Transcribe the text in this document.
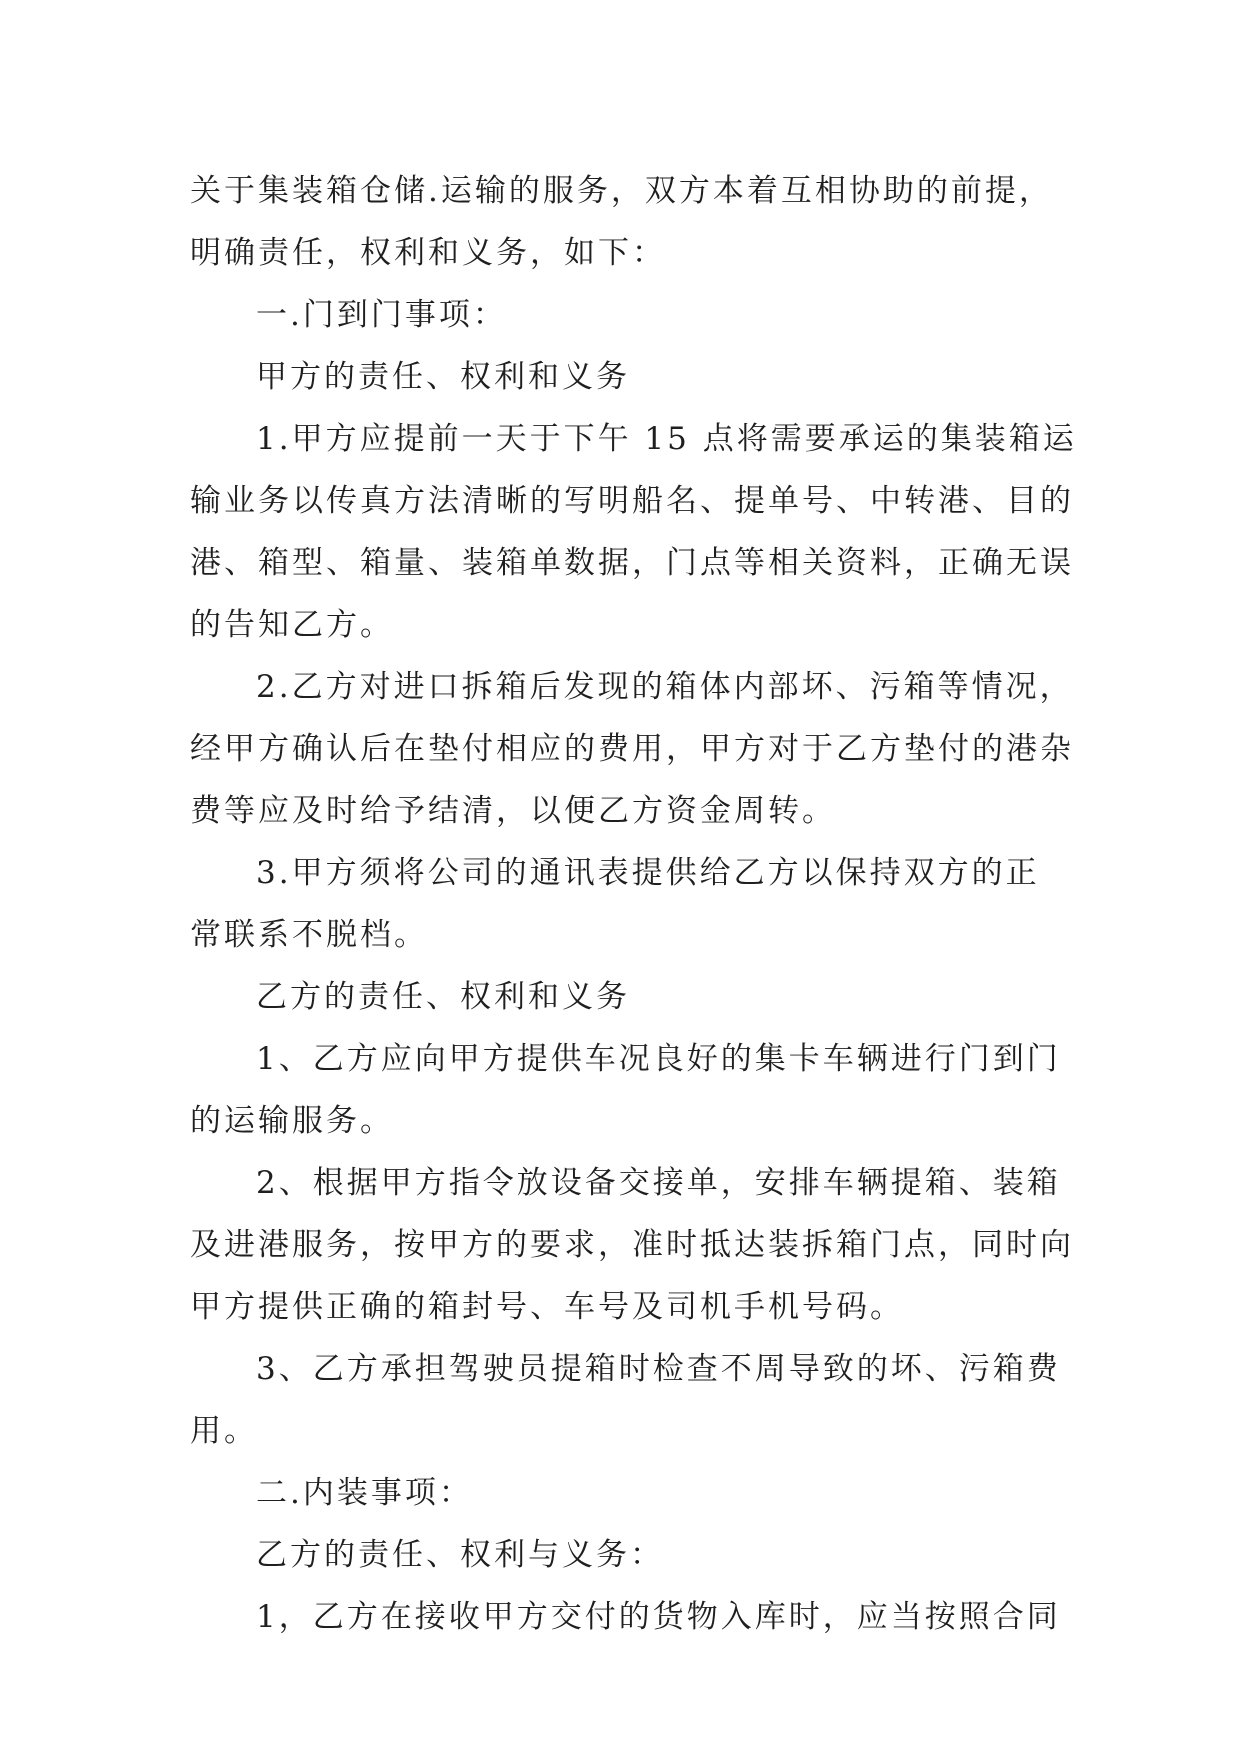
关于集装箱仓储.运输的服务，双方本着互相协助的前提，
明确责任，权利和义务，如下：
一.门到门事项：
甲方的责任、权利和义务
1.甲方应提前一天于下午 15 点将需要承运的集装箱运
输业务以传真方法清晰的写明船名、提单号、中转港、目的
港、箱型、箱量、装箱单数据，门点等相关资料，正确无误
的告知乙方。
2.乙方对进口拆箱后发现的箱体内部坏、污箱等情况，
经甲方确认后在垫付相应的费用，甲方对于乙方垫付的港杂
费等应及时给予结清，以便乙方资金周转。
3.甲方须将公司的通讯表提供给乙方以保持双方的正
常联系不脱档。
乙方的责任、权利和义务
1、乙方应向甲方提供车况良好的集卡车辆进行门到门
的运输服务。
2、根据甲方指令放设备交接单，安排车辆提箱、装箱
及进港服务，按甲方的要求，准时抵达装拆箱门点，同时向
甲方提供正确的箱封号、车号及司机手机号码。
3、乙方承担驾驶员提箱时检查不周导致的坏、污箱费
用。
二.内装事项：
乙方的责任、权利与义务：
1，乙方在接收甲方交付的货物入库时，应当按照合同
